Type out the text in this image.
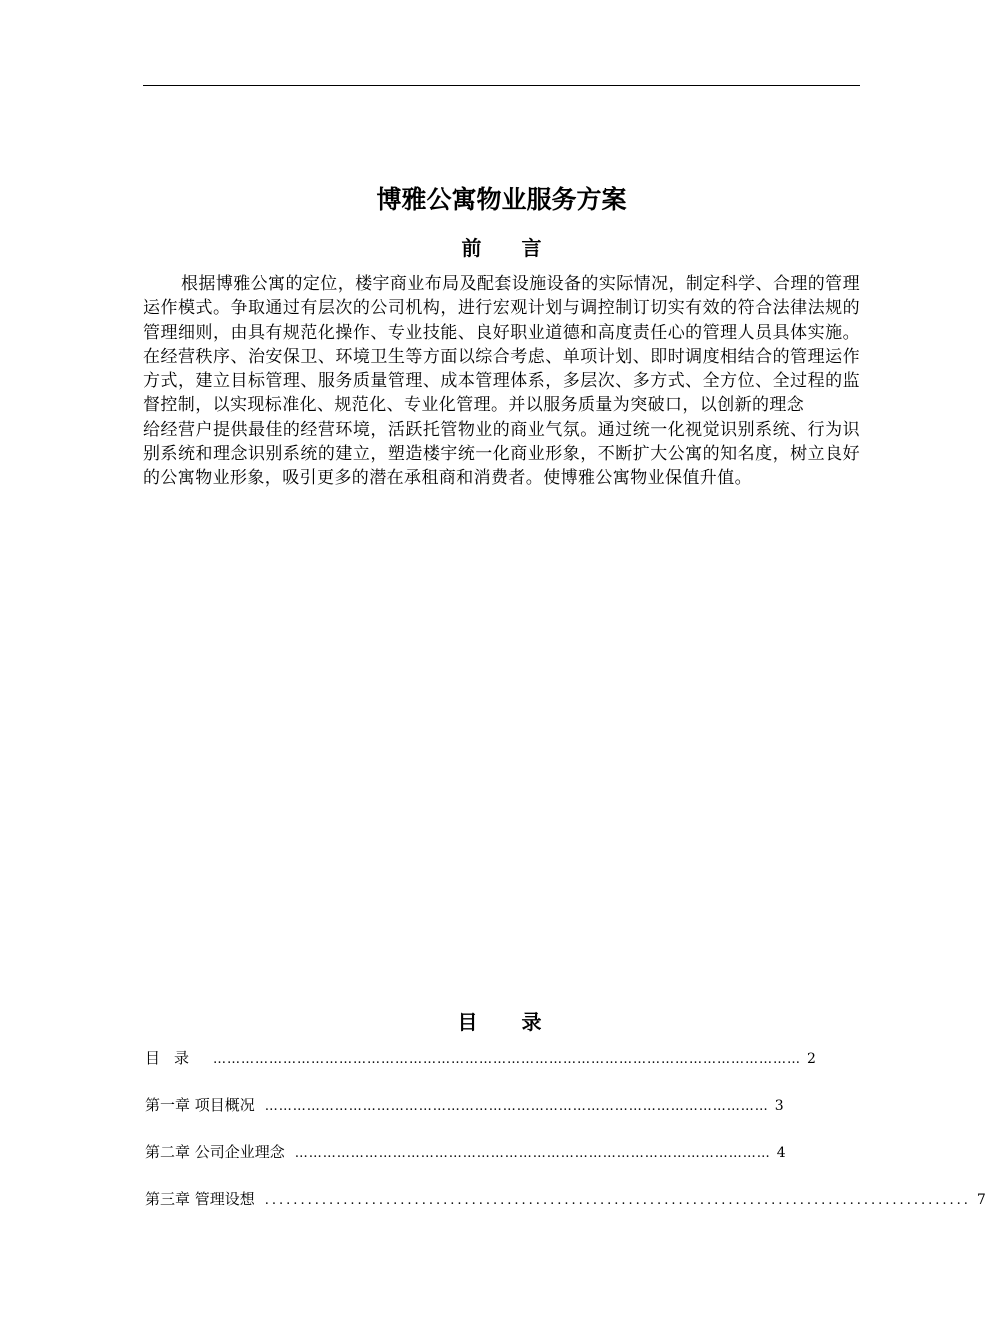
博雅公寓物业服务方案
前言

根据博雅公寓的定位，楼宇商业布局及配套设施设备的实际情况，制定科学、合理的管理运作模式。争取通过有层次的公司机构，进行宏观计划与调控制订切实有效的符合法律法规的管理细则，由具有规范化操作、专业技能、良好职业道德和高度责任心的管理人员具体实施。在经营秩序、治安保卫、环境卫生等方面以综合考虑、单项计划、即时调度相结合的管理运作方式，建立目标管理、服务质量管理、成本管理体系，多层次、多方式、全方位、全过程的监督控制，以实现标准化、规范化、专业化管理。并以服务质量为突破口，以创新的理念

给经营户提供最佳的经营环境，活跃托管物业的商业气氛。通过统一化视觉识别系统、行为识别系统和理念识别系统的建立，塑造楼宇统一化商业形象，不断扩大公寓的知名度，树立良好的公寓物业形象，吸引更多的潜在承租商和消费者。使博雅公寓物业保值升值。

目录
目录 ……………………………………………………………………………………………………………… 2
第一章 项目概况 ……………………………………………………………………………………………… 3
第二章 公司企业理念 ………………………………………………………………………………………… 4
第三章 管理设想 ................................................................................................... 7
